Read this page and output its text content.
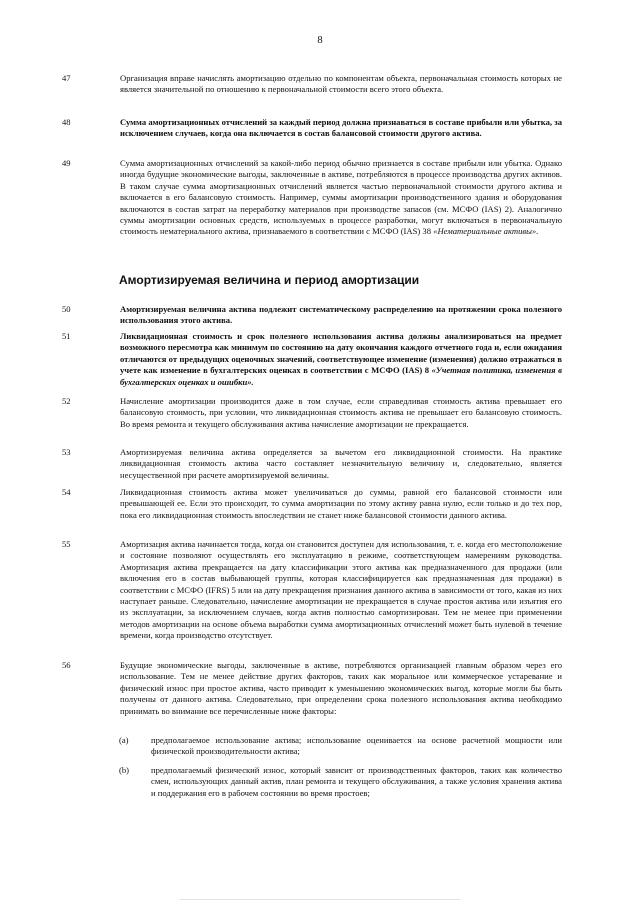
8
47	Организация вправе начислять амортизацию отдельно по компонентам объекта, первоначальная стоимость которых не является значительной по отношению к первоначальной стоимости всего этого объекта.
48	Сумма амортизационных отчислений за каждый период должна признаваться в составе прибыли или убытка, за исключением случаев, когда она включается в состав балансовой стоимости другого актива.
49	Сумма амортизационных отчислений за какой-либо период обычно признается в составе прибыли или убытка. Однако иногда будущие экономические выгоды, заключенные в активе, потребляются в процессе производства других активов. В таком случае сумма амортизационных отчислений является частью первоначальной стоимости другого актива и включается в его балансовую стоимость. Например, суммы амортизации производственного здания и оборудования включаются в состав затрат на переработку материалов при производстве запасов (см. МСФО (IAS) 2). Аналогично суммы амортизации основных средств, используемых в процессе разработки, могут включаться в первоначальную стоимость нематериального актива, признаваемого в соответствии с МСФО (IAS) 38 «Нематериальные активы».
Амортизируемая величина и период амортизации
50	Амортизируемая величина актива подлежит систематическому распределению на протяжении срока полезного использования этого актива.
51	Ликвидационная стоимость и срок полезного использования актива должны анализироваться на предмет возможного пересмотра как минимум по состоянию на дату окончания каждого отчетного года и, если ожидания отличаются от предыдущих оценочных значений, соответствующее изменение (изменения) должно отражаться в учете как изменение в бухгалтерских оценках в соответствии с МСФО (IAS) 8 «Учетная политика, изменения в бухгалтерских оценках и ошибки».
52	Начисление амортизации производится даже в том случае, если справедливая стоимость актива превышает его балансовую стоимость, при условии, что ликвидационная стоимость актива не превышает его балансовую стоимость. Во время ремонта и текущего обслуживания актива начисление амортизации не прекращается.
53	Амортизируемая величина актива определяется за вычетом его ликвидационной стоимости. На практике ликвидационная стоимость актива часто составляет незначительную величину и, следовательно, является несущественной при расчете амортизируемой величины.
54	Ликвидационная стоимость актива может увеличиваться до суммы, равной его балансовой стоимости или превышающей ее. Если это происходит, то сумма амортизации по этому активу равна нулю, если только и до тех пор, пока его ликвидационная стоимость впоследствии не станет ниже балансовой стоимости данного актива.
55	Амортизация актива начинается тогда, когда он становится доступен для использования, т. е. когда его местоположение и состояние позволяют осуществлять его эксплуатацию в режиме, соответствующем намерениям руководства. Амортизация актива прекращается на дату классификации этого актива как предназначенного для продажи (или включения его в состав выбывающей группы, которая классифицируется как предназначенная для продажи) в соответствии с МСФО (IFRS) 5 или на дату прекращения признания данного актива в зависимости от того, какая из них наступает раньше. Следовательно, начисление амортизации не прекращается в случае простоя актива или изъятия его из эксплуатации, за исключением случаев, когда актив полностью самортизирован. Тем не менее при применении методов амортизации на основе объема выработки сумма амортизационных отчислений может быть нулевой в течение времени, когда производство отсутствует.
56	Будущие экономические выгоды, заключенные в активе, потребляются организацией главным образом через его использование. Тем не менее действие других факторов, таких как моральное или коммерческое устаревание и физический износ при простое актива, часто приводит к уменьшению экономических выгод, которые могли бы быть получены от данного актива. Следовательно, при определении срока полезного использования актива необходимо принимать во внимание все перечисленные ниже факторы:
(a)	предполагаемое использование актива; использование оценивается на основе расчетной мощности или физической производительности актива;
(b)	предполагаемый физический износ, который зависит от производственных факторов, таких как количество смен, использующих данный актив, план ремонта и текущего обслуживания, а также условия хранения актива и поддержания его в рабочем состоянии во время простоев;
